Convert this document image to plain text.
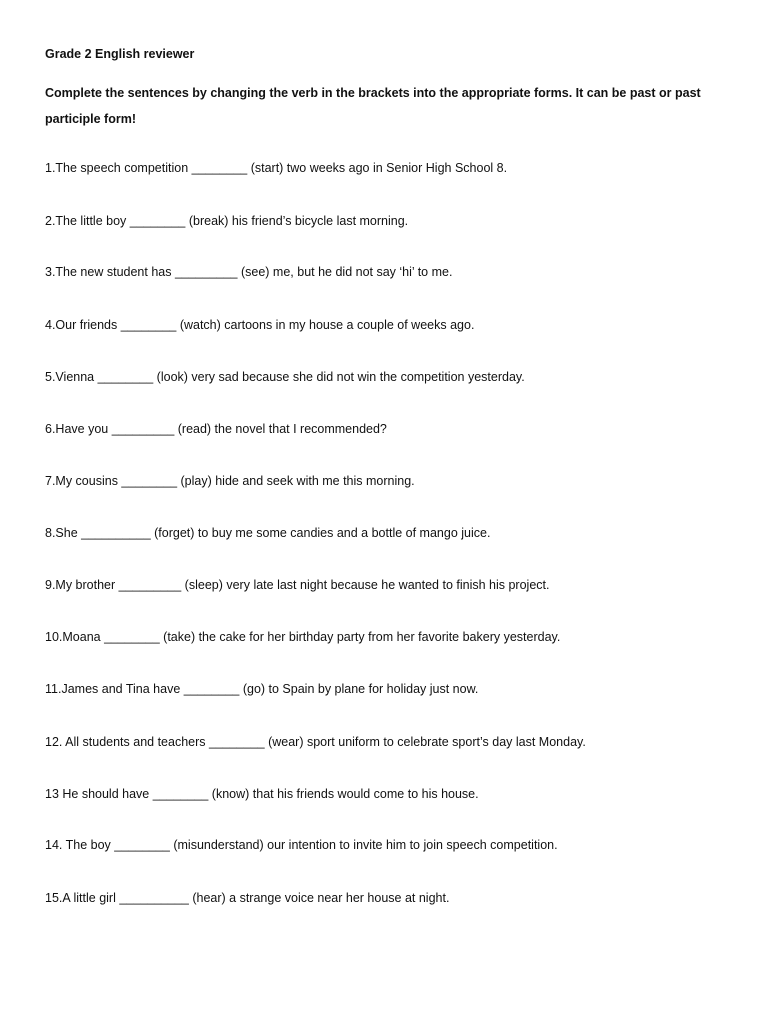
Grade 2 English reviewer
Complete the sentences by changing the verb in the brackets into the appropriate forms. It can be past or past participle form!
1.The speech competition ________ (start) two weeks ago in Senior High School 8.
2.The little boy ________ (break) his friend’s bicycle last morning.
3.The new student has _________ (see) me, but he did not say ‘hi’ to me.
4.Our friends ________ (watch) cartoons in my house a couple of weeks ago.
5.Vienna ________ (look) very sad because she did not win the competition yesterday.
6.Have you _________ (read) the novel that I recommended?
7.My cousins ________ (play) hide and seek with me this morning.
8.She __________ (forget) to buy me some candies and a bottle of mango juice.
9.My brother _________ (sleep) very late last night because he wanted to finish his project.
10.Moana ________ (take) the cake for her birthday party from her favorite bakery yesterday.
11.James and Tina have ________ (go) to Spain by plane for holiday just now.
12. All students and teachers ________ (wear) sport uniform to celebrate sport’s day last Monday.
13 He should have ________ (know) that his friends would come to his house.
14. The boy ________ (misunderstand) our intention to invite him to join speech competition.
15.A little girl __________ (hear) a strange voice near her house at night.
